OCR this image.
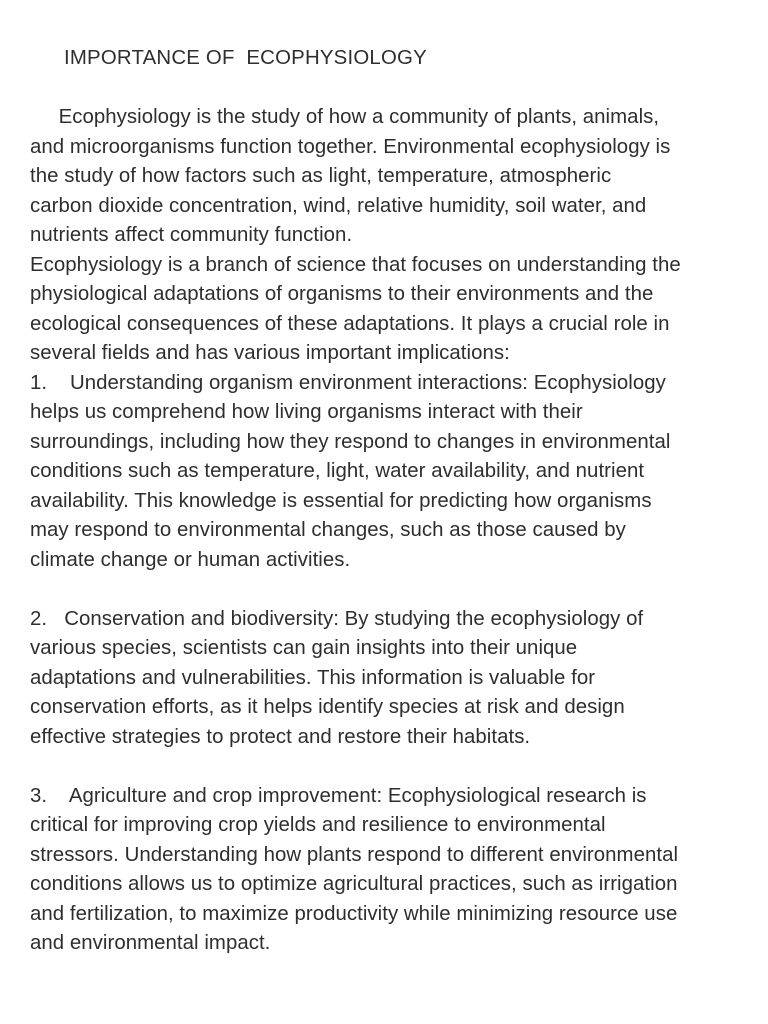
IMPORTANCE OF  ECOPHYSIOLOGY
Ecophysiology is the study of how a community of plants, animals,
and microorganisms function together. Environmental ecophysiology is
the study of how factors such as light, temperature, atmospheric
carbon dioxide concentration, wind, relative humidity, soil water, and
nutrients affect community function.
Ecophysiology is a branch of science that focuses on understanding the
physiological adaptations of organisms to their environments and the
ecological consequences of these adaptations. It plays a crucial role in
several fields and has various important implications:
1.    Understanding organism environment interactions: Ecophysiology
helps us comprehend how living organisms interact with their
surroundings, including how they respond to changes in environmental
conditions such as temperature, light, water availability, and nutrient
availability. This knowledge is essential for predicting how organisms
may respond to environmental changes, such as those caused by
climate change or human activities.
2.   Conservation and biodiversity: By studying the ecophysiology of
various species, scientists can gain insights into their unique
adaptations and vulnerabilities. This information is valuable for
conservation efforts, as it helps identify species at risk and design
effective strategies to protect and restore their habitats.
3.    Agriculture and crop improvement: Ecophysiological research is
critical for improving crop yields and resilience to environmental
stressors. Understanding how plants respond to different environmental
conditions allows us to optimize agricultural practices, such as irrigation
and fertilization, to maximize productivity while minimizing resource use
and environmental impact.
